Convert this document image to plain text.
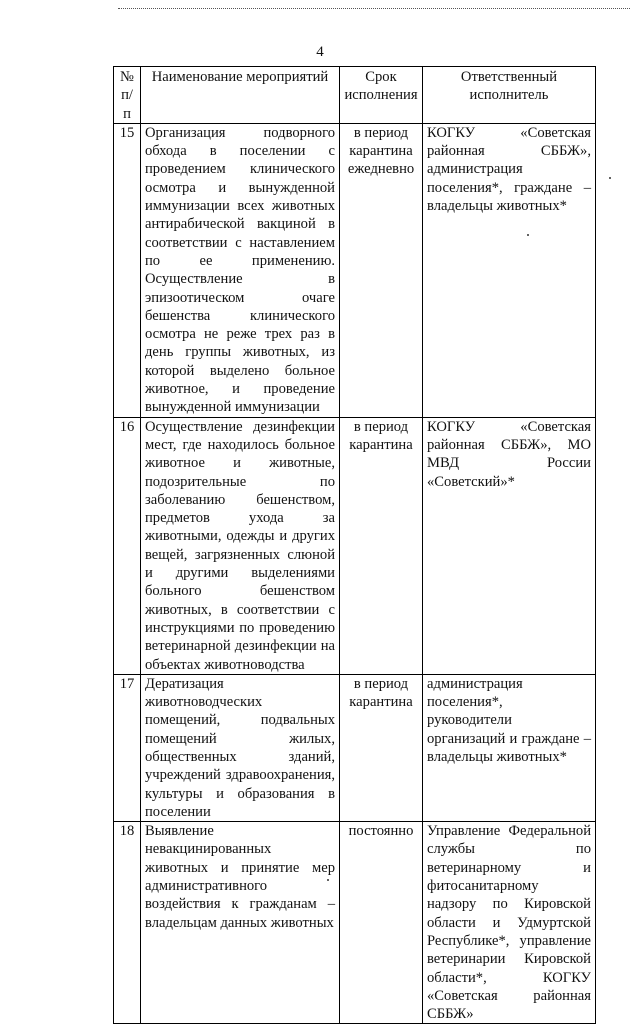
4
№ п/п	Наименование мероприятий	Срок исполнения	Ответственный исполнитель
15	Организация подворного обхода в поселении с проведением клинического осмотра и вынужденной иммунизации всех животных антирабической вакциной в соответствии с наставлением по ее применению. Осуществление в эпизоотическом очаге бешенства клинического осмотра не реже трех раз в день группы животных, из которой выделено больное животное, и проведение вынужденной иммунизации	в период карантина ежедневно	КОГКУ «Советская районная СББЖ», администрация поселения*, граждане – владельцы животных*
16	Осуществление дезинфекции мест, где находилось больное животное и животные, подозрительные по заболеванию бешенством, предметов ухода за животными, одежды и других вещей, загрязненных слюной и другими выделениями больного бешенством животных, в соответствии с инструкциями по проведению ветеринарной дезинфекции на объектах животноводства	в период карантина	КОГКУ «Советская районная СББЖ», МО МВД России «Советский»*
17	Дератизация животноводческих помещений, подвальных помещений жилых, общественных зданий, учреждений здравоохранения, культуры и образования в поселении	в период карантина	администрация поселения*, руководители организаций и граждане – владельцы животных*
18	Выявление невакцинированных животных и принятие мер административного воздействия к гражданам – владельцам данных животных	постоянно	Управление Федеральной службы по ветеринарному и фитосанитарному надзору по Кировской области и Удмуртской Республике*, управление ветеринарии Кировской области*, КОГКУ «Советская районная СББЖ»
